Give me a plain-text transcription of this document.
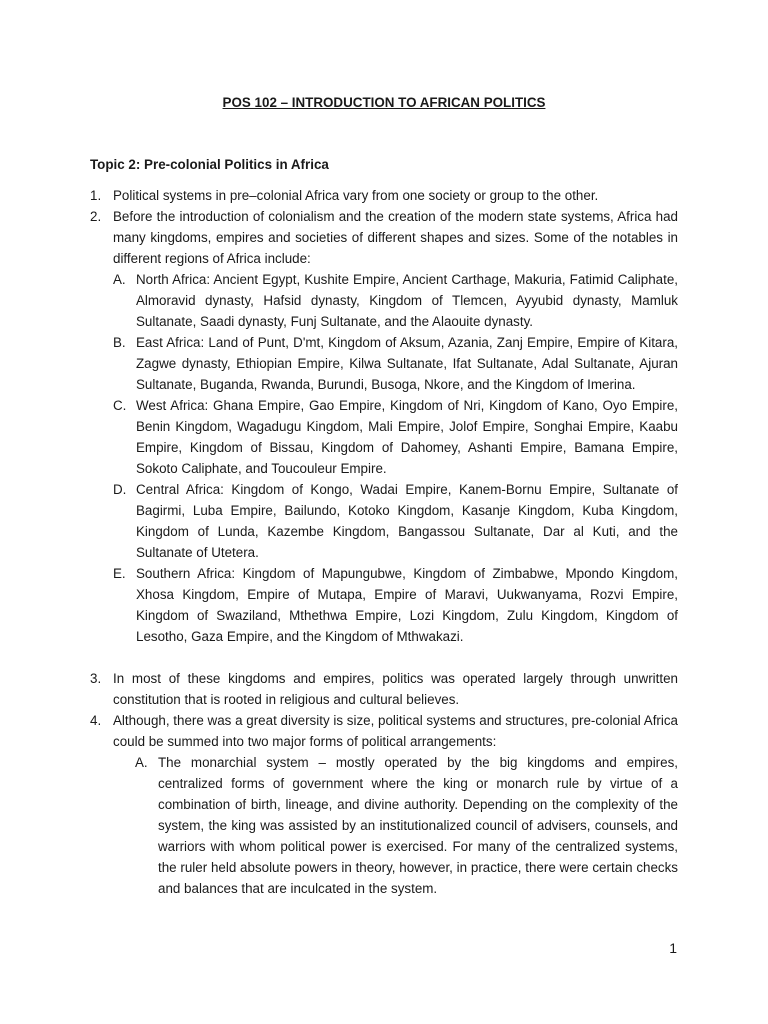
POS 102 – INTRODUCTION TO AFRICAN POLITICS
Topic 2: Pre-colonial Politics in Africa
1. Political systems in pre–colonial Africa vary from one society or group to the other.
2. Before the introduction of colonialism and the creation of the modern state systems, Africa had many kingdoms, empires and societies of different shapes and sizes. Some of the notables in different regions of Africa include:
A. North Africa: Ancient Egypt, Kushite Empire, Ancient Carthage, Makuria, Fatimid Caliphate, Almoravid dynasty, Hafsid dynasty, Kingdom of Tlemcen, Ayyubid dynasty, Mamluk Sultanate, Saadi dynasty, Funj Sultanate, and the Alaouite dynasty.
B. East Africa: Land of Punt, D'mt, Kingdom of Aksum, Azania, Zanj Empire, Empire of Kitara, Zagwe dynasty, Ethiopian Empire, Kilwa Sultanate, Ifat Sultanate, Adal Sultanate, Ajuran Sultanate, Buganda, Rwanda, Burundi, Busoga, Nkore, and the Kingdom of Imerina.
C. West Africa: Ghana Empire, Gao Empire, Kingdom of Nri, Kingdom of Kano, Oyo Empire, Benin Kingdom, Wagadugu Kingdom, Mali Empire, Jolof Empire, Songhai Empire, Kaabu Empire, Kingdom of Bissau, Kingdom of Dahomey, Ashanti Empire, Bamana Empire, Sokoto Caliphate, and Toucouleur Empire.
D. Central Africa: Kingdom of Kongo, Wadai Empire, Kanem-Bornu Empire, Sultanate of Bagirmi, Luba Empire, Bailundo, Kotoko Kingdom, Kasanje Kingdom, Kuba Kingdom, Kingdom of Lunda, Kazembe Kingdom, Bangassou Sultanate, Dar al Kuti, and the Sultanate of Utetera.
E. Southern Africa: Kingdom of Mapungubwe, Kingdom of Zimbabwe, Mpondo Kingdom, Xhosa Kingdom, Empire of Mutapa, Empire of Maravi, Uukwanyama, Rozvi Empire, Kingdom of Swaziland, Mthethwa Empire, Lozi Kingdom, Zulu Kingdom, Kingdom of Lesotho, Gaza Empire, and the Kingdom of Mthwakazi.
3. In most of these kingdoms and empires, politics was operated largely through unwritten constitution that is rooted in religious and cultural believes.
4. Although, there was a great diversity is size, political systems and structures, pre-colonial Africa could be summed into two major forms of political arrangements:
A. The monarchial system – mostly operated by the big kingdoms and empires, centralized forms of government where the king or monarch rule by virtue of a combination of birth, lineage, and divine authority. Depending on the complexity of the system, the king was assisted by an institutionalized council of advisers, counsels, and warriors with whom political power is exercised. For many of the centralized systems, the ruler held absolute powers in theory, however, in practice, there were certain checks and balances that are inculcated in the system.
1
